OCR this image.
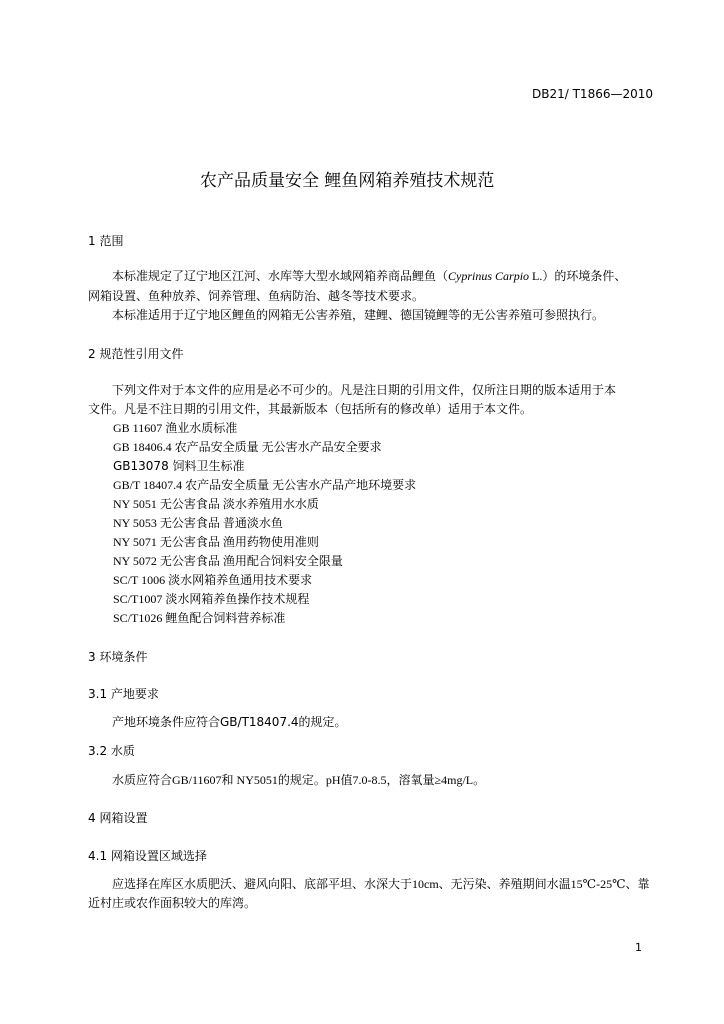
DB21/ T1866—2010
农产品质量安全 鲤鱼网箱养殖技术规范
1 范围
本标准规定了辽宁地区江河、水库等大型水域网箱养商品鲤鱼（Cyprinus Carpio L.）的环境条件、
网箱设置、鱼种放养、饲养管理、鱼病防治、越冬等技术要求。
本标准适用于辽宁地区鲤鱼的网箱无公害养殖，建鲤、德国镜鲤等的无公害养殖可参照执行。
2 规范性引用文件
下列文件对于本文件的应用是必不可少的。凡是注日期的引用文件，仅所注日期的版本适用于本
文件。凡是不注日期的引用文件，其最新版本（包括所有的修改单）适用于本文件。
GB 11607 渔业水质标准
GB 18406.4 农产品安全质量 无公害水产品安全要求
GB13078 饲料卫生标准
GB/T 18407.4 农产品安全质量 无公害水产品产地环境要求
NY 5051 无公害食品 淡水养殖用水水质
NY 5053 无公害食品 普通淡水鱼
NY 5071 无公害食品 渔用药物使用准则
NY 5072 无公害食品 渔用配合饲料安全限量
SC/T 1006 淡水网箱养鱼通用技术要求
SC/T1007 淡水网箱养鱼操作技术规程
SC/T1026 鲤鱼配合饲料营养标准
3 环境条件
3.1 产地要求
产地环境条件应符合GB/T18407.4的规定。
3.2 水质
水质应符合GB/11607和 NY5051的规定。pH值7.0-8.5，溶氧量≥4mg/L。
4 网箱设置
4.1 网箱设置区域选择
应选择在库区水质肥沃、避风向阳、底部平坦、水深大于10cm、无污染、养殖期间水温15℃-25℃、靠
近村庄或农作面积较大的库湾。
1
